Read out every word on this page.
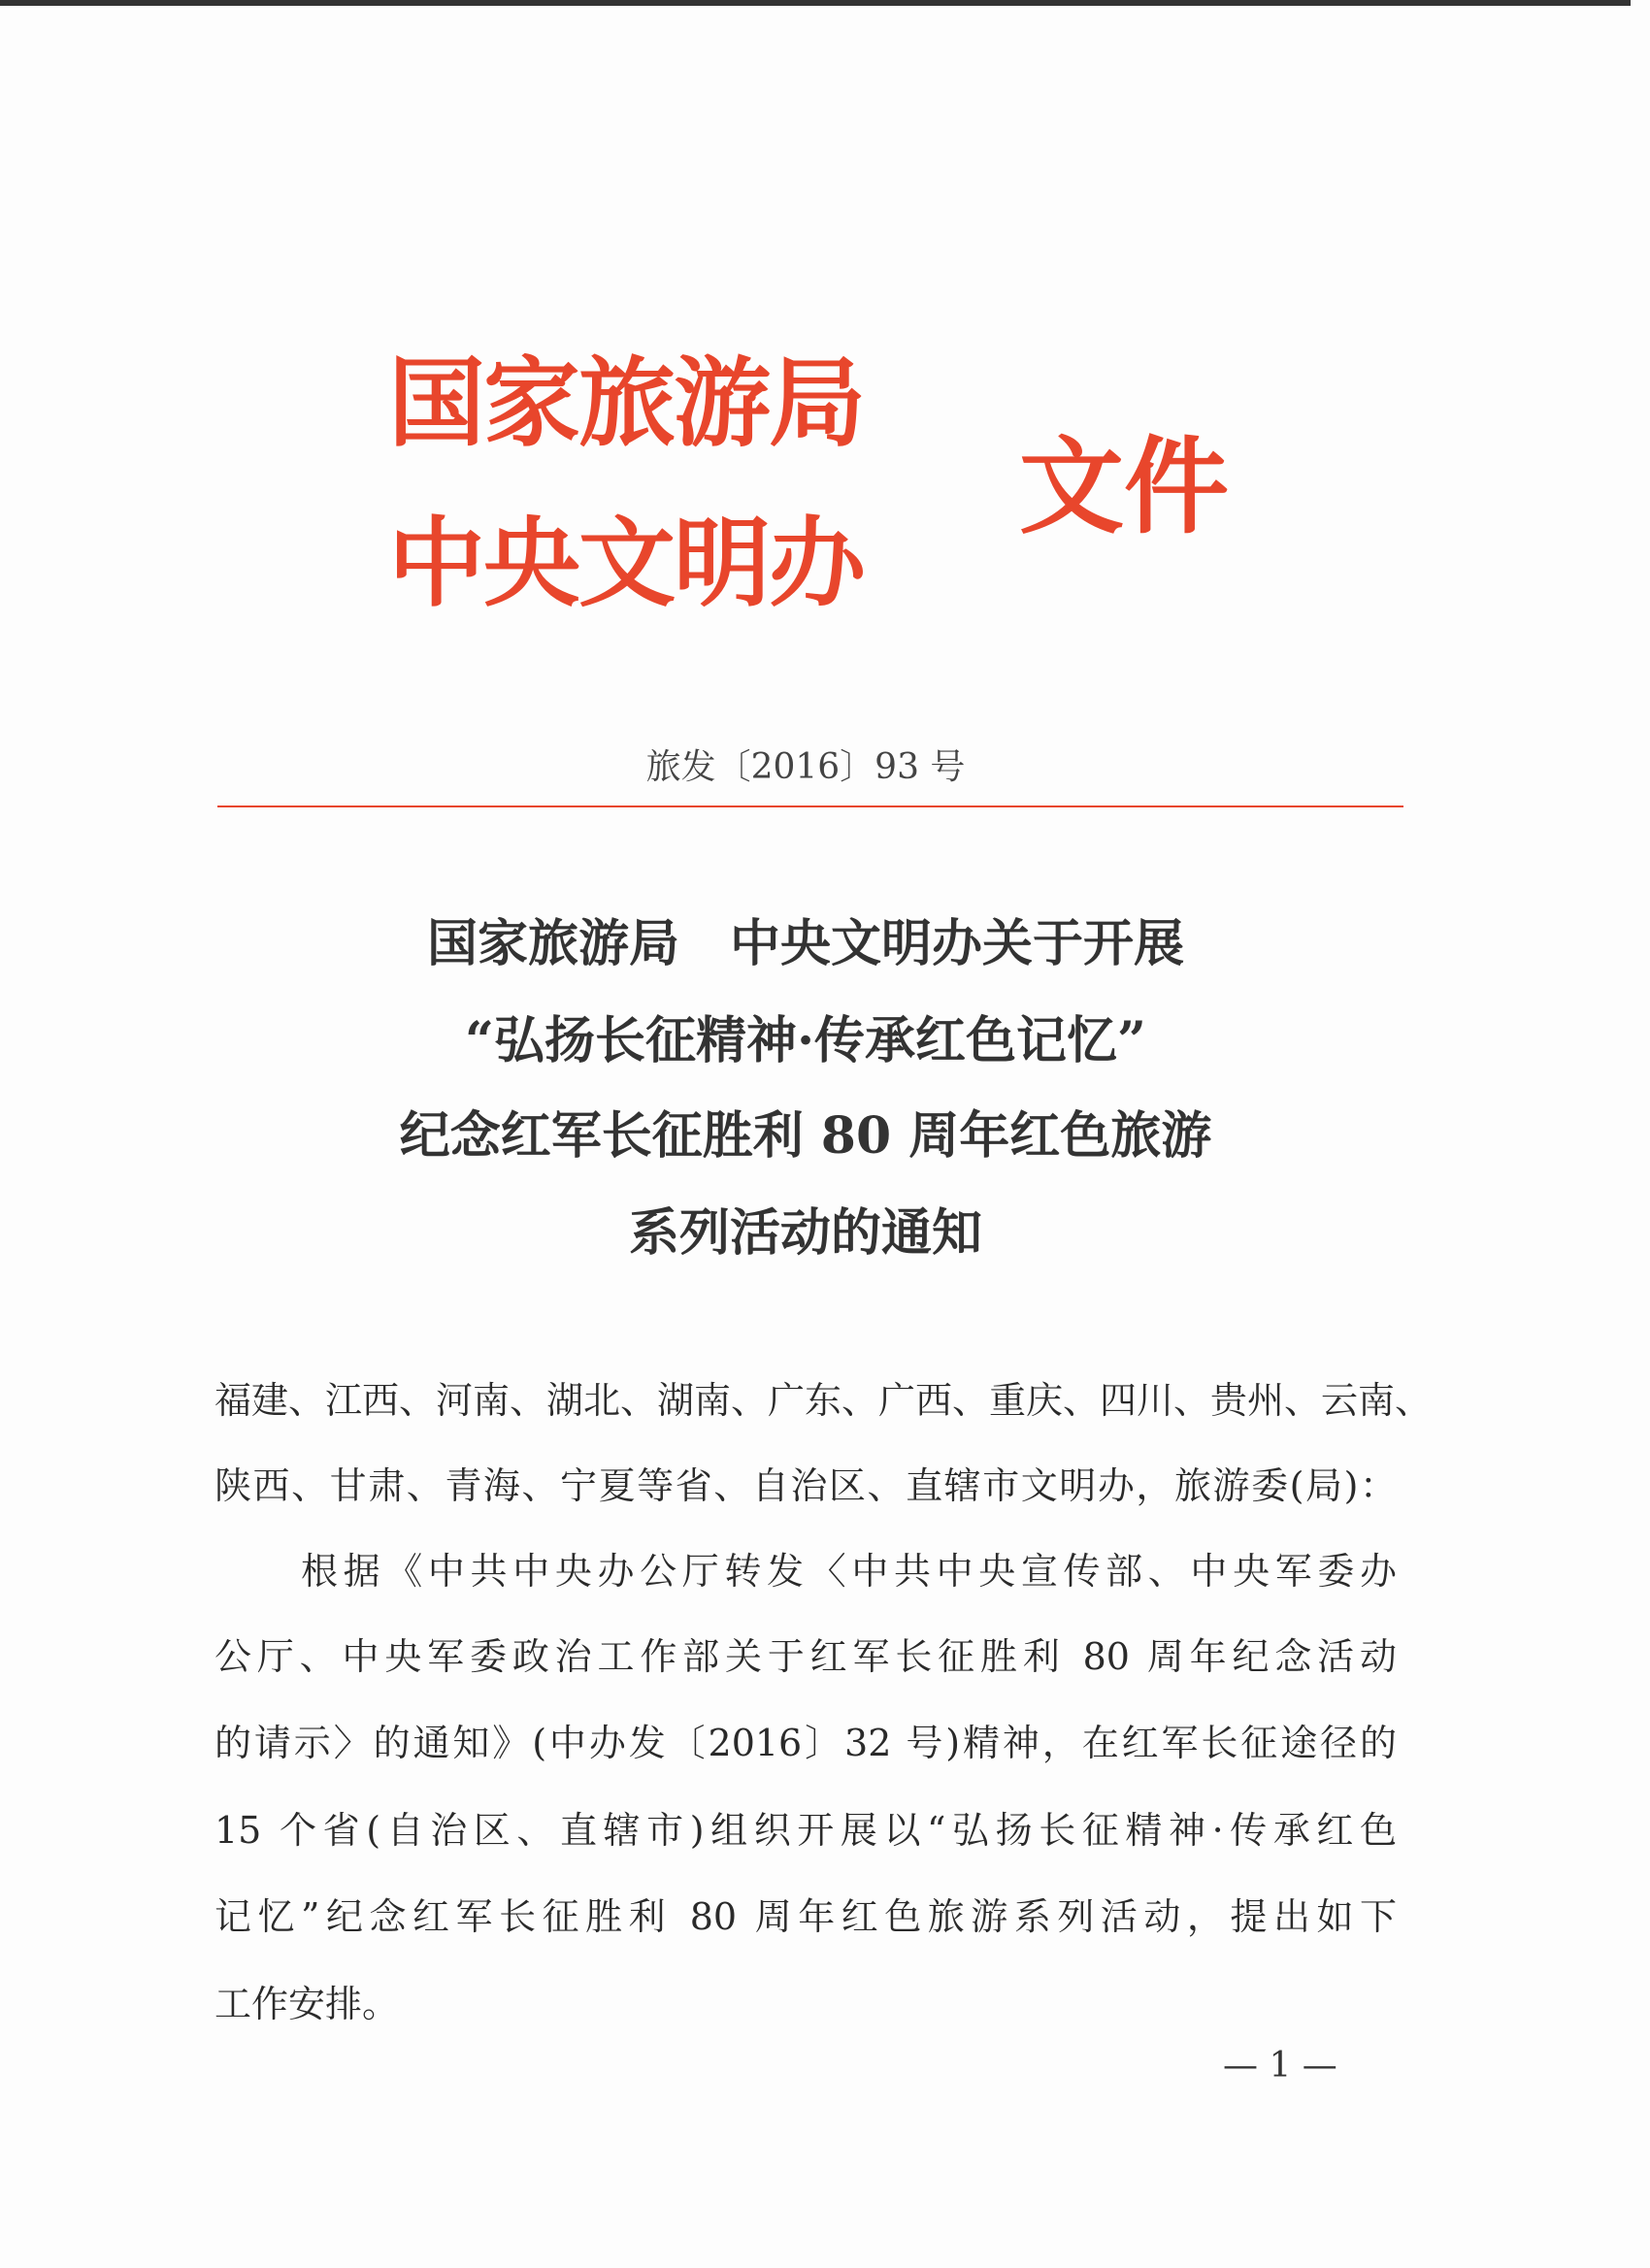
国家旅游局
中央文明办
文件
旅发〔2016〕93 号
国家旅游局　中央文明办关于开展
“弘扬长征精神·传承红色记忆”
纪念红军长征胜利 80 周年红色旅游
系列活动的通知
福建、江西、河南、湖北、湖南、广东、广西、重庆、四川、贵州、云南、
陕西、甘肃、青海、宁夏等省、自治区、直辖市文明办，旅游委(局)：
根据《中共中央办公厅转发〈中共中央宣传部、中央军委办
公厅、中央军委政治工作部关于红军长征胜利 80 周年纪念活动
的请示〉的通知》(中办发〔2016〕32 号)精神，在红军长征途径的
15 个省(自治区、直辖市)组织开展以“弘扬长征精神·传承红色
记忆”纪念红军长征胜利 80 周年红色旅游系列活动，提出如下
工作安排。
— 1 —
